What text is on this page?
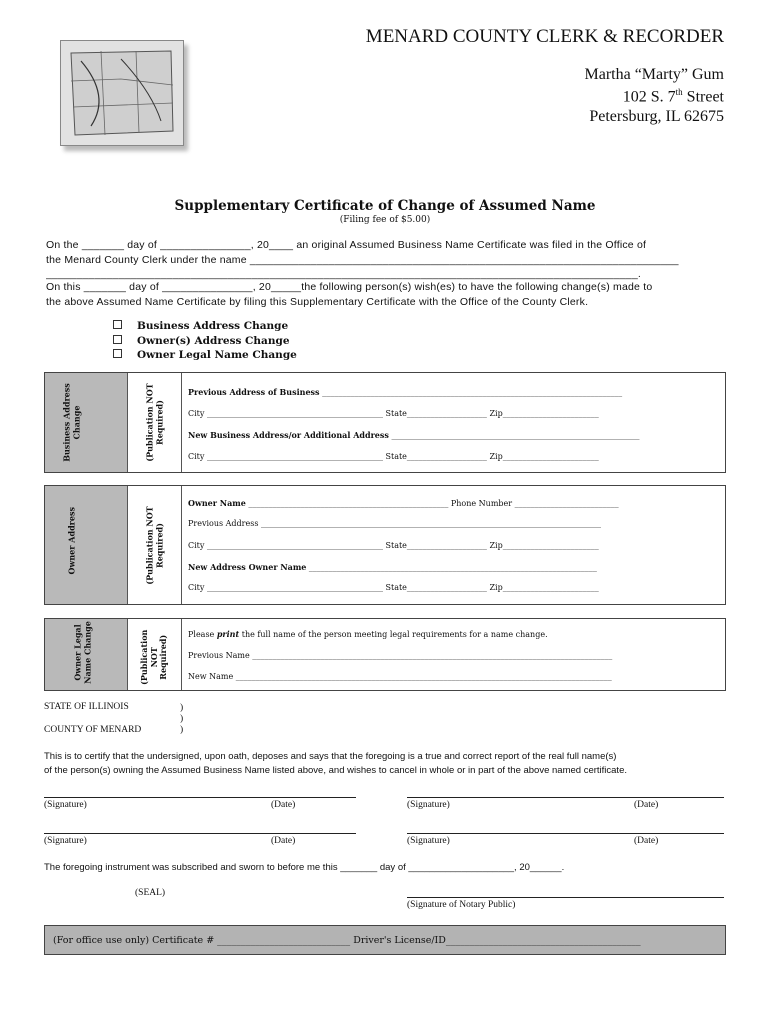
MENARD COUNTY CLERK & RECORDER
Martha “Marty” Gum
102 S. 7th Street
Petersburg, IL 62675
Supplementary Certificate of Change of Assumed Name
(Filing fee of $5.00)
On the _______ day of _______________, 20____ an original Assumed Business Name Certificate was filed in the Office of
the Menard County Clerk under the name _______________________________________________________________________
__________________________________________________________________________________________________.
On this _______ day of _______________, 20_____the following person(s) wish(es) to have the following change(s) made to
the above Assumed Name Certificate by filing this Supplementary Certificate with the Office of the County Clerk.
Business Address Change
Owner(s) Address Change
Owner Legal Name Change
Business Address Change	(Publication NOT Required)
Previous Address of Business ___________________________________________________________________________
City ____________________________________________ State____________________ Zip________________________
New Business Address/or Additional Address ______________________________________________________________
City ____________________________________________ State____________________ Zip________________________
Owner Address	(Publication NOT Required)
Owner Name __________________________________________________ Phone Number __________________________
Previous Address _____________________________________________________________________________________
City ____________________________________________ State____________________ Zip________________________
New Address Owner Name ________________________________________________________________________
City ____________________________________________ State____________________ Zip________________________
Owner Legal Name Change	(Publication NOT Required)
Please print the full name of the person meeting legal requirements for a name change.
Previous Name __________________________________________________________________________________________
New Name ______________________________________________________________________________________________
STATE OF ILLINOIS
COUNTY OF MENARD
)
)
)
This is to certify that the undersigned, upon oath, deposes and says that the foregoing is a true and correct report of the real full name(s)
of the person(s) owning the Assumed Business Name listed above, and wishes to cancel in whole or in part of the above named certificate.
(Signature)	(Date)	(Signature)	(Date)
(Signature)	(Date)	(Signature)	(Date)
The foregoing instrument was subscribed and sworn to before me this _______ day of ____________________, 20______.
(SEAL)
(Signature of Notary Public)
(For office use only) Certificate # ____________________________ Driver's License/ID_________________________________________
